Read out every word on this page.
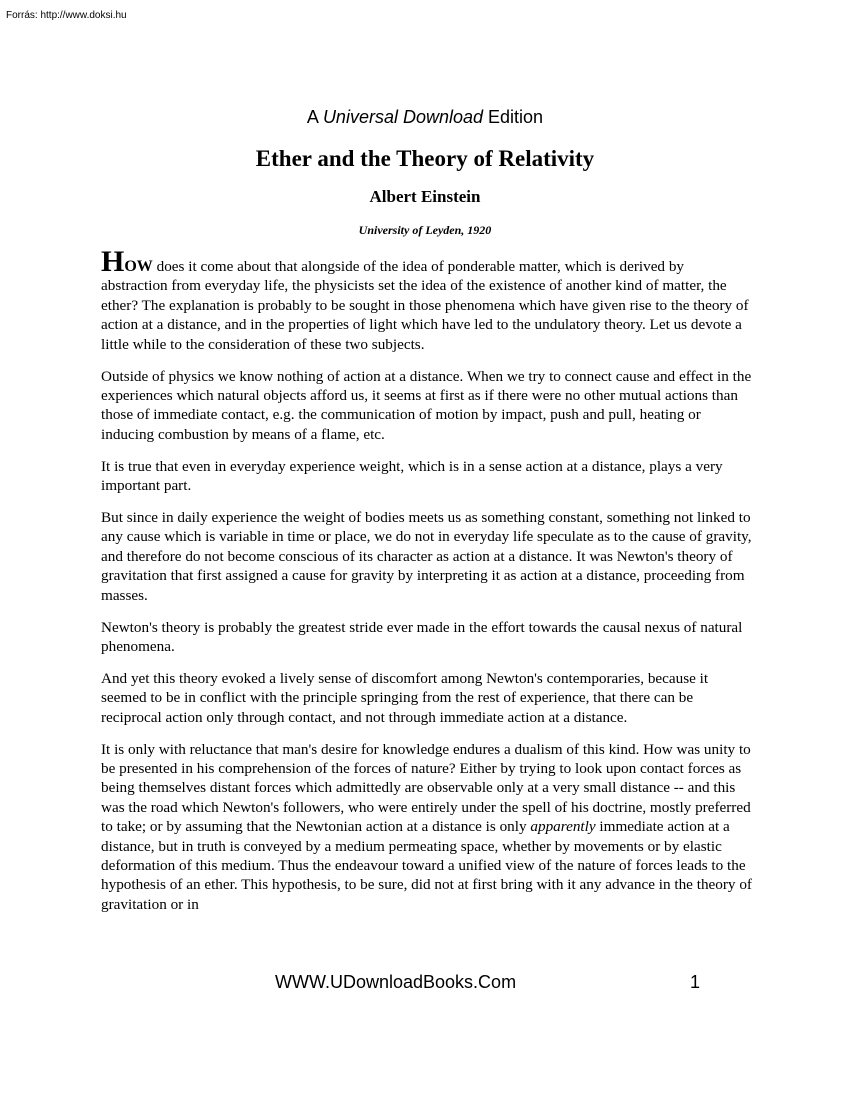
Forrás: http://www.doksi.hu
A Universal Download Edition
Ether and the Theory of Relativity
Albert Einstein
University of Leyden, 1920

HOW does it come about that alongside of the idea of ponderable matter, which is derived by abstraction from everyday life, the physicists set the idea of the existence of another kind of matter, the ether? The explanation is probably to be sought in those phenomena which have given rise to the theory of action at a distance, and in the properties of light which have led to the undulatory theory. Let us devote a little while to the consideration of these two subjects.

Outside of physics we know nothing of action at a distance. When we try to connect cause and effect in the experiences which natural objects afford us, it seems at first as if there were no other mutual actions than those of immediate contact, e.g. the communication of motion by impact, push and pull, heating or inducing combustion by means of a flame, etc.

It is true that even in everyday experience weight, which is in a sense action at a distance, plays a very important part.

But since in daily experience the weight of bodies meets us as something constant, something not linked to any cause which is variable in time or place, we do not in everyday life speculate as to the cause of gravity, and therefore do not become conscious of its character as action at a distance. It was Newton's theory of gravitation that first assigned a cause for gravity by interpreting it as action at a distance, proceeding from masses.

Newton's theory is probably the greatest stride ever made in the effort towards the causal nexus of natural phenomena.

And yet this theory evoked a lively sense of discomfort among Newton's contemporaries, because it seemed to be in conflict with the principle springing from the rest of experience, that there can be reciprocal action only through contact, and not through immediate action at a distance.

It is only with reluctance that man's desire for knowledge endures a dualism of this kind. How was unity to be presented in his comprehension of the forces of nature? Either by trying to look upon contact forces as being themselves distant forces which admittedly are observable only at a very small distance -- and this was the road which Newton's followers, who were entirely under the spell of his doctrine, mostly preferred to take; or by assuming that the Newtonian action at a distance is only apparently immediate action at a distance, but in truth is conveyed by a medium permeating space, whether by movements or by elastic deformation of this medium. Thus the endeavour toward a unified view of the nature of forces leads to the hypothesis of an ether. This hypothesis, to be sure, did not at first bring with it any advance in the theory of gravitation or in

WWW.UDownloadBooks.Com	1
